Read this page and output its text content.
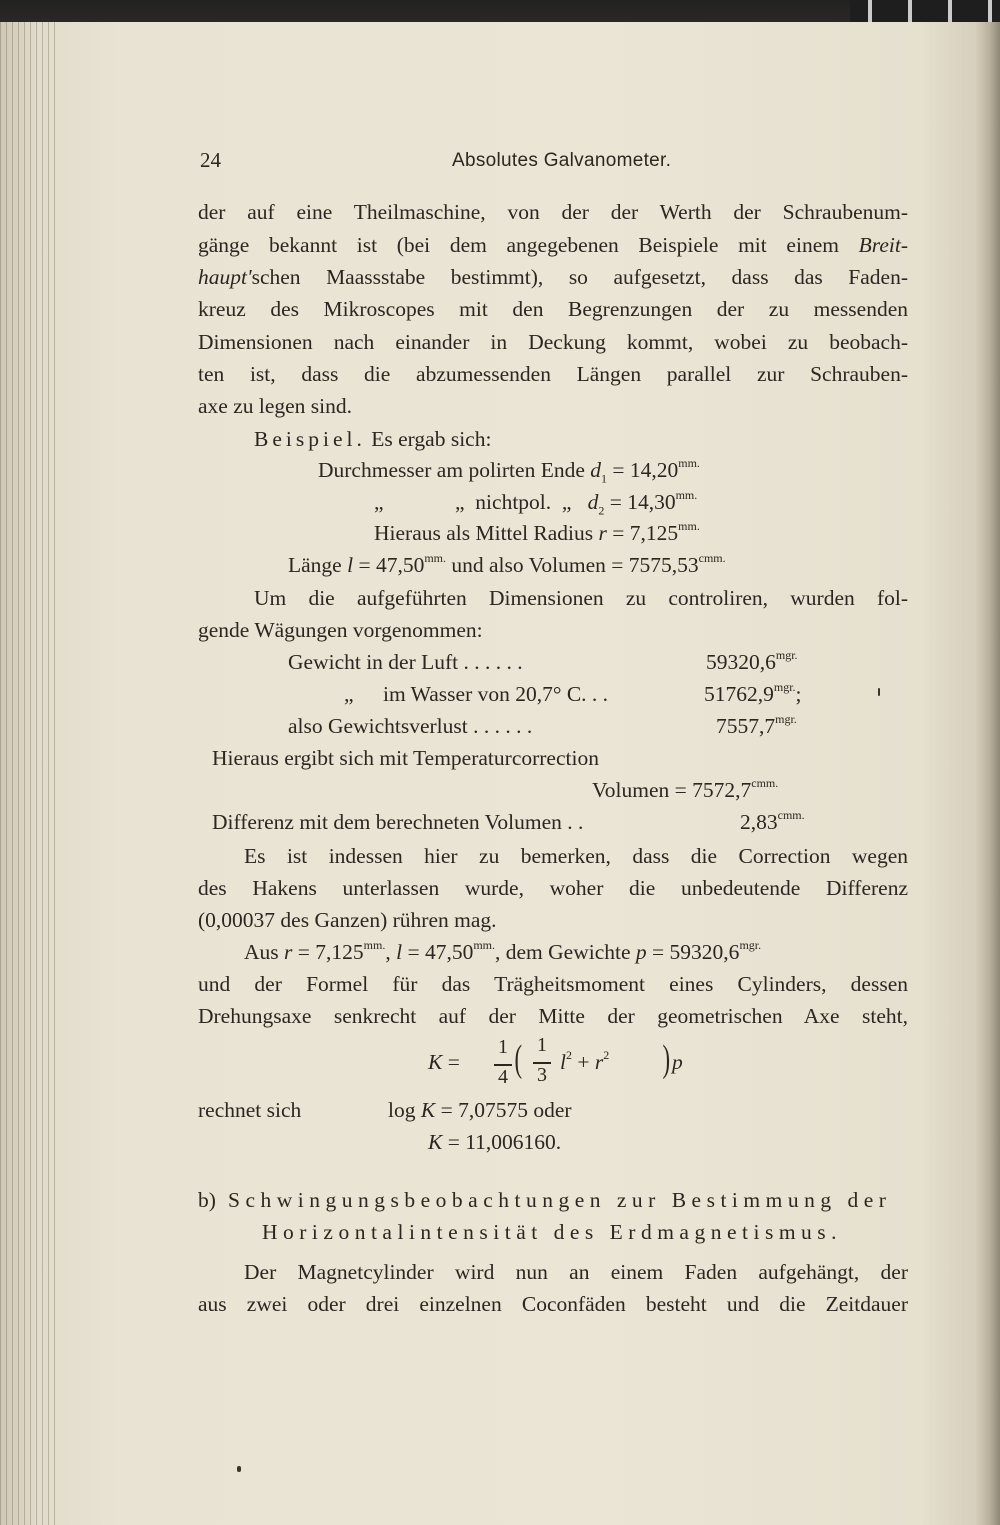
24	Absolutes Galvanometer.
der auf eine Theilmaschine, von der der Werth der Schraubenum-
gänge bekannt ist (bei dem angegebenen Beispiele mit einem Breit-
haupt'schen Maassstabe bestimmt), so aufgesetzt, dass das Faden-
kreuz des Mikroscopes mit den Begrenzungen der zu messenden
Dimensionen nach einander in Deckung kommt, wobei zu beobach-
ten ist, dass die abzumessenden Längen parallel zur Schrauben-
axe zu legen sind.
Beispiel. Es ergab sich:
Durchmesser am polirten Ende $d_1 = 14,20^{mm.}$
„	„ nichtpol. „ $d_2 = 14,30^{mm.}$
Hieraus als Mittel Radius $r = 7,125^{mm.}$
Länge $l = 47,50^{mm.}$ und also Volumen = $7575,53^{cmm.}$
Um die aufgeführten Dimensionen zu controliren, wurden fol-
gende Wägungen vorgenommen:
Gewicht in der Luft . . . . . .	$59320,6^{mgr.}$
„ im Wasser von 20,7° C. . .	$51762,9^{mgr.}$;
also Gewichtsverlust . . . . . .	$7557,7^{mgr.}$
Hieraus ergibt sich mit Temperaturcorrection
Volumen = $7572,7^{cmm.}$
Differenz mit dem berechneten Volumen . .	$2,83^{cmm.}$
Es ist indessen hier zu bemerken, dass die Correction wegen
des Hakens unterlassen wurde, woher die unbedeutende Differenz
(0,00037 des Ganzen) rühren mag.
Aus $r = 7,125^{mm.}$, $l = 47,50^{mm.}$, dem Gewichte $p = 59320,6^{mgr.}$
und der Formel für das Trägheitsmoment eines Cylinders, dessen
Drehungsaxe senkrecht auf der Mitte der geometrischen Axe steht,
K =
1
4 ( 1
3
$l^2 + r^2$ ) p
rechnet sich	log K = 7,07575 oder
K = 11,006160.
b) Schwingungsbeobachtungen zur Bestimmung der
Horizontalintensität des Erdmagnetismus.
Der Magnetcylinder wird nun an einem Faden aufgehängt, der
aus zwei oder drei einzelnen Coconfäden besteht und die Zeitdauer
